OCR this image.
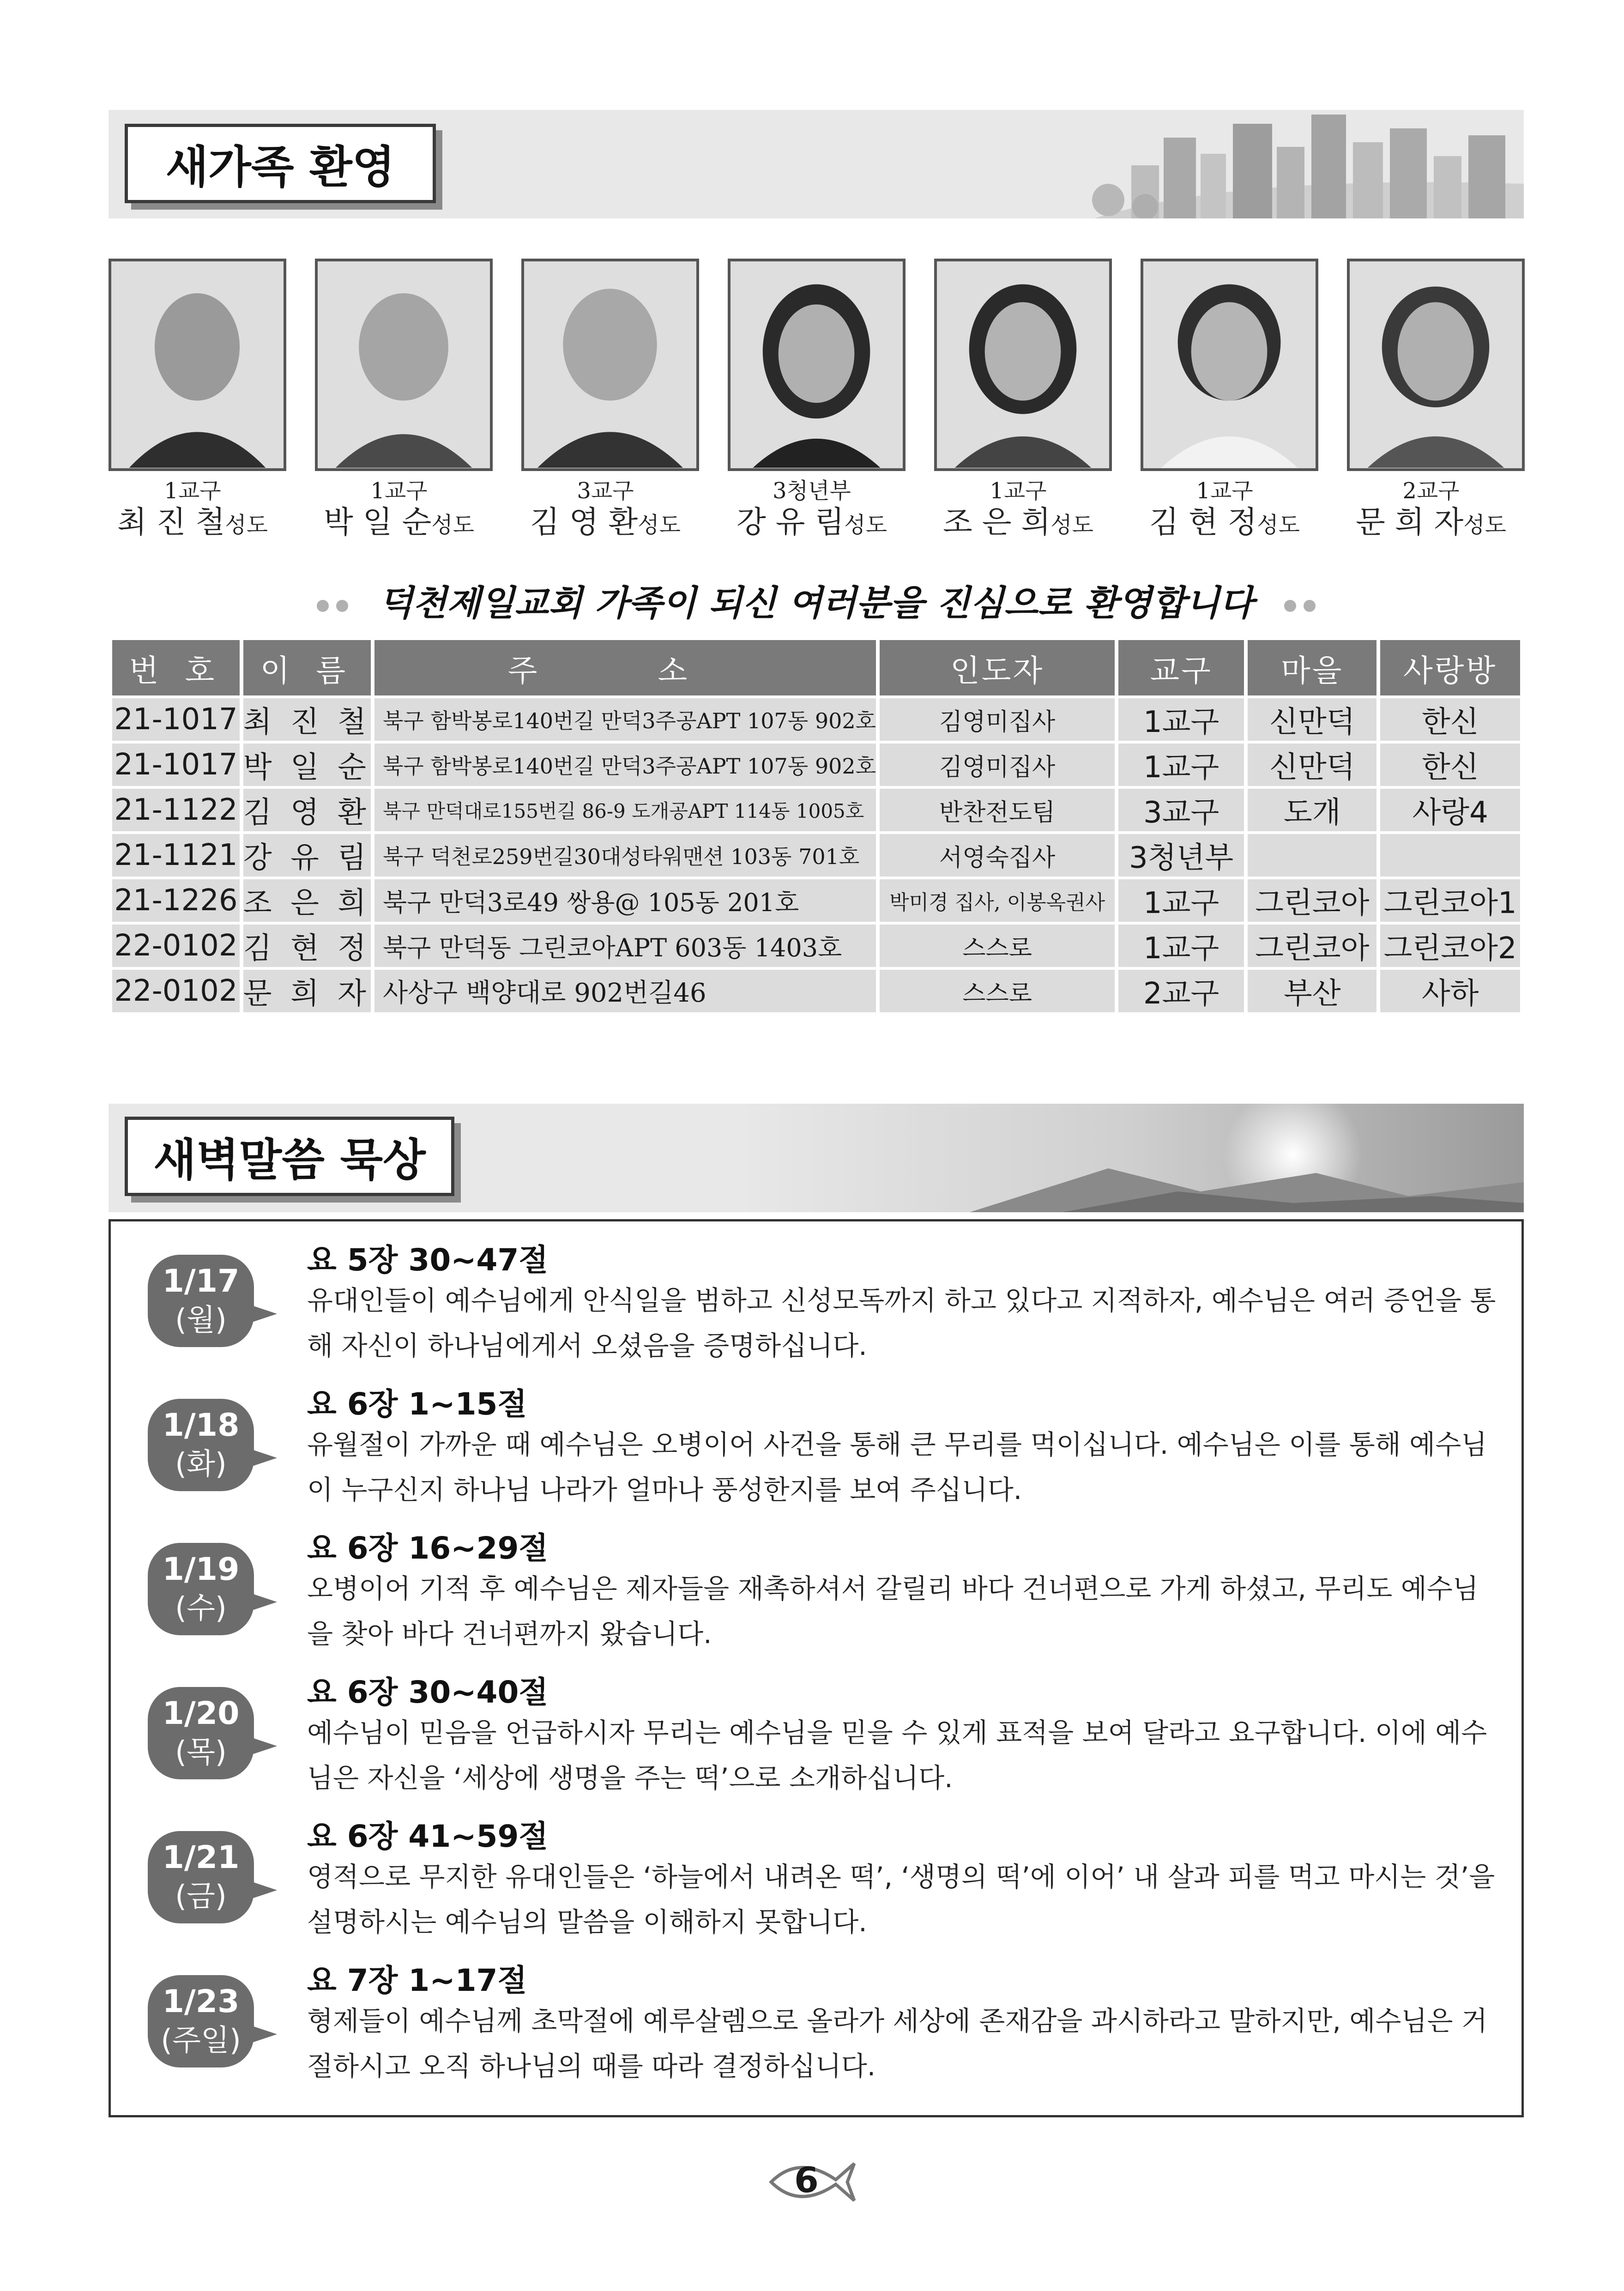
새가족 환영
1교구
최 진 철성도
1교구
박 일 순성도
3교구
김 영 환성도
3청년부
강 유 림성도
1교구
조 은 희성도
1교구
김 현 정성도
2교구
문 희 자성도
덕천제일교회 가족이 되신 여러분을 진심으로 환영합니다
번 호	이 름	주 소	인도자	교구	마을	사랑방
21-1017	최 진 철	북구 함박봉로140번길 만덕3주공APT 107동 902호	김영미집사	1교구	신만덕	한신
21-1017	박 일 순	북구 함박봉로140번길 만덕3주공APT 107동 902호	김영미집사	1교구	신만덕	한신
21-1122	김 영 환	북구 만덕대로155번길 86-9 도개공APT 114동 1005호	반찬전도팀	3교구	도개	사랑4
21-1121	강 유 림	북구 덕천로259번길30대성타워맨션 103동 701호	서영숙집사	3청년부		
21-1226	조 은 희	북구 만덕3로49 쌍용@ 105동 201호	박미경 집사, 이봉옥권사	1교구	그린코아	그린코아1
22-0102	김 현 정	북구 만덕동 그린코아APT 603동 1403호	스스로	1교구	그린코아	그린코아2
22-0102	문 희 자	사상구 백양대로 902번길46	스스로	2교구	부산	사하
새벽말씀 묵상
1/17
(월)
요 5장 30~47절
유대인들이 예수님에게 안식일을 범하고 신성모독까지 하고 있다고 지적하자, 예수님은 여러 증언을 통해 자신이 하나님에게서 오셨음을 증명하십니다.
1/18
(화)
요 6장 1~15절
유월절이 가까운 때 예수님은 오병이어 사건을 통해 큰 무리를 먹이십니다. 예수님은 이를 통해 예수님이 누구신지 하나님 나라가 얼마나 풍성한지를 보여 주십니다.
1/19
(수)
요 6장 16~29절
오병이어 기적 후 예수님은 제자들을 재촉하셔서 갈릴리 바다 건너편으로 가게 하셨고, 무리도 예수님을 찾아 바다 건너편까지 왔습니다.
1/20
(목)
요 6장 30~40절
예수님이 믿음을 언급하시자 무리는 예수님을 믿을 수 있게 표적을 보여 달라고 요구합니다. 이에 예수님은 자신을 ‘세상에 생명을 주는 떡’으로 소개하십니다.
1/21
(금)
요 6장 41~59절
영적으로 무지한 유대인들은 ‘하늘에서 내려온 떡’, ‘생명의 떡’에 이어’ 내 살과 피를 먹고 마시는 것’을 설명하시는 예수님의 말씀을 이해하지 못합니다.
1/23
(주일)
요 7장 1~17절
형제들이 예수님께 초막절에 예루살렘으로 올라가 세상에 존재감을 과시하라고 말하지만, 예수님은 거절하시고 오직 하나님의 때를 따라 결정하십니다.
6
